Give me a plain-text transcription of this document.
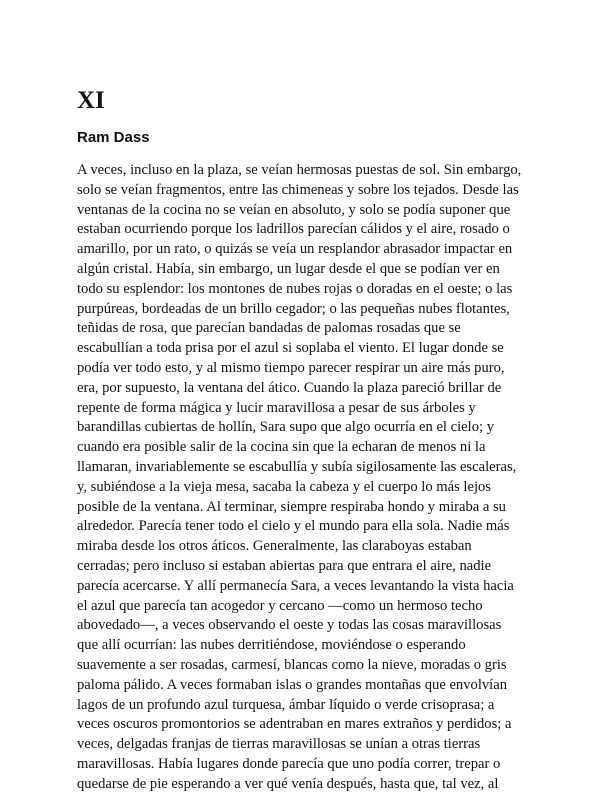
XI
Ram Dass
A veces, incluso en la plaza, se veían hermosas puestas de sol. Sin embargo,
solo se veían fragmentos, entre las chimeneas y sobre los tejados. Desde las
ventanas de la cocina no se veían en absoluto, y solo se podía suponer que
estaban ocurriendo porque los ladrillos parecían cálidos y el aire, rosado o
amarillo, por un rato, o quizás se veía un resplandor abrasador impactar en
algún cristal. Había, sin embargo, un lugar desde el que se podían ver en
todo su esplendor: los montones de nubes rojas o doradas en el oeste; o las
purpúreas, bordeadas de un brillo cegador; o las pequeñas nubes flotantes,
teñidas de rosa, que parecían bandadas de palomas rosadas que se
escabullían a toda prisa por el azul si soplaba el viento. El lugar donde se
podía ver todo esto, y al mismo tiempo parecer respirar un aire más puro,
era, por supuesto, la ventana del ático. Cuando la plaza pareció brillar de
repente de forma mágica y lucir maravillosa a pesar de sus árboles y
barandillas cubiertas de hollín, Sara supo que algo ocurría en el cielo; y
cuando era posible salir de la cocina sin que la echaran de menos ni la
llamaran, invariablemente se escabullía y subía sigilosamente las escaleras,
y, subiéndose a la vieja mesa, sacaba la cabeza y el cuerpo lo más lejos
posible de la ventana. Al terminar, siempre respiraba hondo y miraba a su
alrededor. Parecía tener todo el cielo y el mundo para ella sola. Nadie más
miraba desde los otros áticos. Generalmente, las claraboyas estaban
cerradas; pero incluso si estaban abiertas para que entrara el aire, nadie
parecía acercarse. Y allí permanecía Sara, a veces levantando la vista hacia
el azul que parecía tan acogedor y cercano —como un hermoso techo
abovedado—, a veces observando el oeste y todas las cosas maravillosas
que allí ocurrían: las nubes derritiéndose, moviéndose o esperando
suavemente a ser rosadas, carmesí, blancas como la nieve, moradas o gris
paloma pálido. A veces formaban islas o grandes montañas que envolvían
lagos de un profundo azul turquesa, ámbar líquido o verde crisoprasa; a
veces oscuros promontorios se adentraban en mares extraños y perdidos; a
veces, delgadas franjas de tierras maravillosas se unían a otras tierras
maravillosas. Había lugares donde parecía que uno podía correr, trepar o
quedarse de pie esperando a ver qué venía después, hasta que, tal vez, al
